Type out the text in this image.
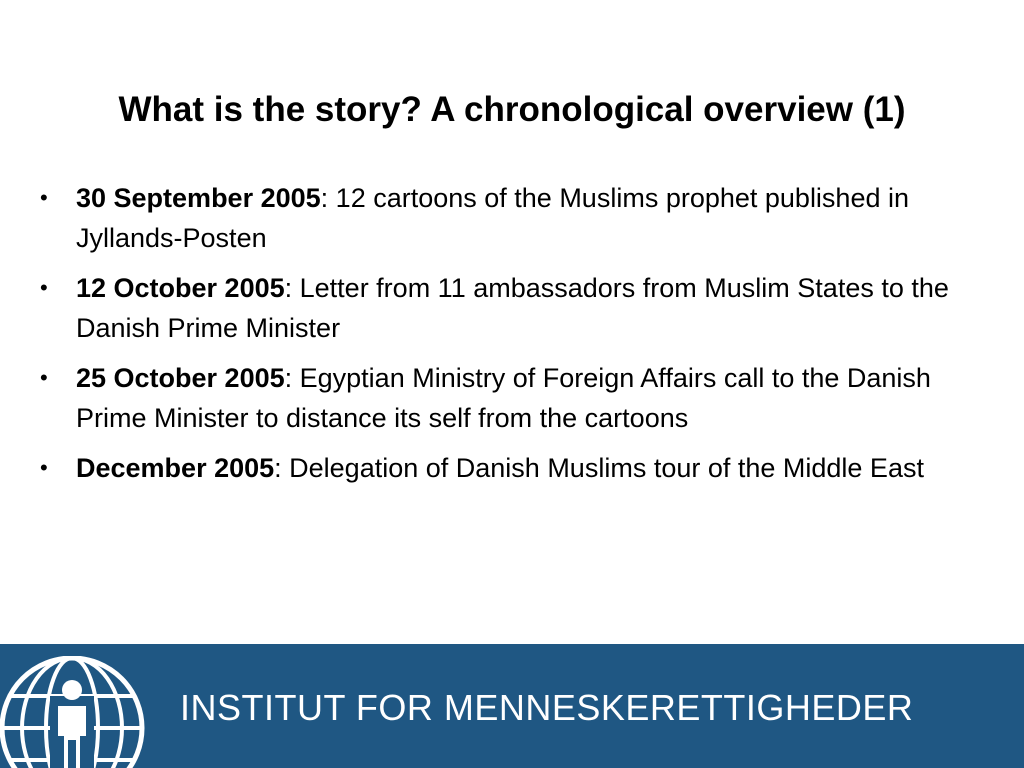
What is the story? A chronological overview (1)
•	30 September 2005: 12 cartoons of the Muslims prophet published in Jyllands-Posten
•	12 October 2005: Letter from 11 ambassadors from Muslim States to the Danish Prime Minister
•	25 October 2005: Egyptian Ministry of Foreign Affairs call to the Danish Prime Minister to distance its self from the cartoons
•	December 2005: Delegation of Danish Muslims tour of the Middle East
INSTITUT FOR MENNESKERETTIGHEDER
